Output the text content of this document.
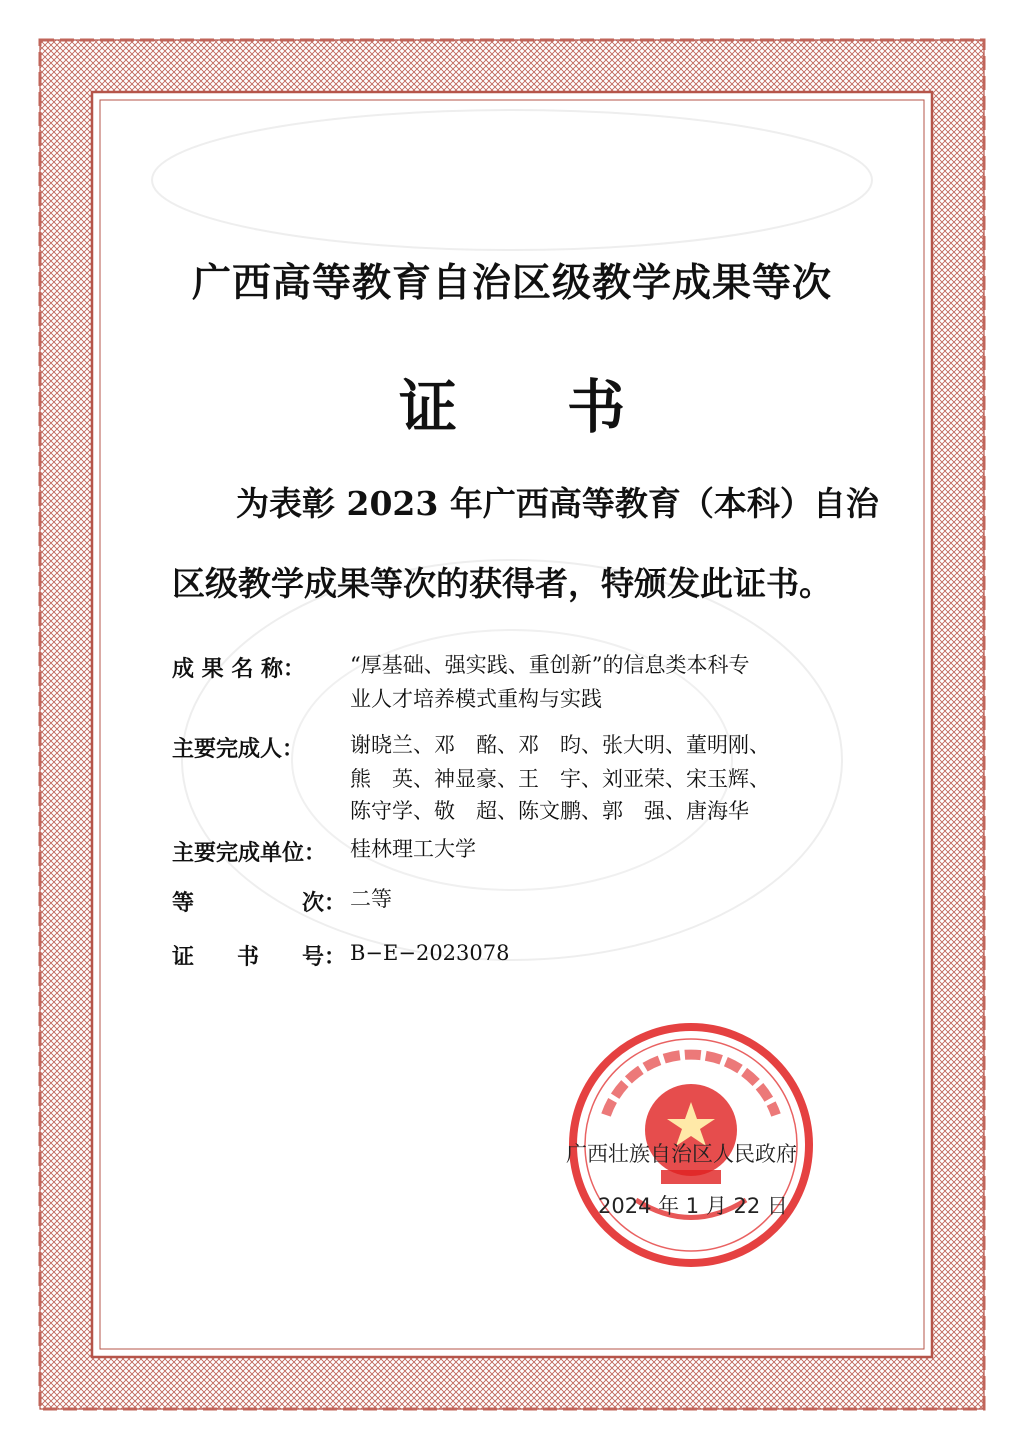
广西高等教育自治区级教学成果等次
证 书
为表彰 2023 年广西高等教育（本科）自治
区级教学成果等次的获得者，特颁发此证书。
成 果 名 称： “厚基础、强实践、重创新”的信息类本科专
业人才培养模式重构与实践
主要完成人： 谢晓兰、邓　酩、邓　昀、张大明、董明刚、
熊　英、神显豪、王　宇、刘亚荣、宋玉辉、
陈守学、敬　超、陈文鹏、郭　强、唐海华
主要完成单位： 桂林理工大学
等	次： 二等
证 书 号： B−E−2023078
广西壮族自治区人民政府
2024 年 1 月 22 日
